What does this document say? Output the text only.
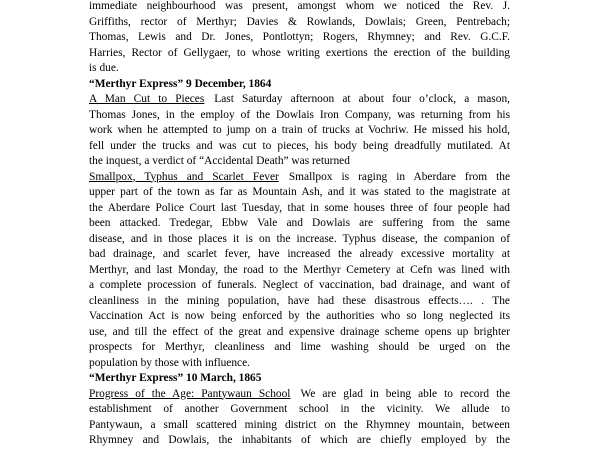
immediate neighbourhood was present, amongst whom we noticed the Rev. J.
Griffiths, rector of Merthyr; Davies & Rowlands, Dowlais; Green, Pentrebach;
Thomas, Lewis and Dr. Jones, Pontlottyn; Rogers, Rhymney; and Rev. G.C.F.
Harries, Rector of Gellygaer, to whose writing exertions the erection of the building
is due.
“Merthyr Express” 9 December, 1864
A Man Cut to Pieces Last Saturday afternoon at about four o’clock, a mason,
Thomas Jones, in the employ of the Dowlais Iron Company, was returning from his
work when he attempted to jump on a train of trucks at Vochriw. He missed his hold,
fell under the trucks and was cut to pieces, his body being dreadfully mutilated. At
the inquest, a verdict of “Accidental Death” was returned
Smallpox, Typhus and Scarlet Fever Smallpox is raging in Aberdare from the
upper part of the town as far as Mountain Ash, and it was stated to the magistrate at
the Aberdare Police Court last Tuesday, that in some houses three of four people had
been attacked. Tredegar, Ebbw Vale and Dowlais are suffering from the same
disease, and in those places it is on the increase. Typhus disease, the companion of
bad drainage, and scarlet fever, have increased the already excessive mortality at
Merthyr, and last Monday, the road to the Merthyr Cemetery at Cefn was lined with
a complete procession of funerals. Neglect of vaccination, bad drainage, and want of
cleanliness in the mining population, have had these disastrous effects…. . The
Vaccination Act is now being enforced by the authorities who so long neglected its
use, and till the effect of the great and expensive drainage scheme opens up brighter
prospects for Merthyr, cleanliness and lime washing should be urged on the
population by those with influence.
“Merthyr Express” 10 March, 1865
Progress of the Age: Pantywaun School We are glad in being able to record the
establishment of another Government school in the vicinity. We allude to
Pantywaun, a small scattered mining district on the Rhymney mountain, between
Rhymney and Dowlais, the inhabitants of which are chiefly employed by the
